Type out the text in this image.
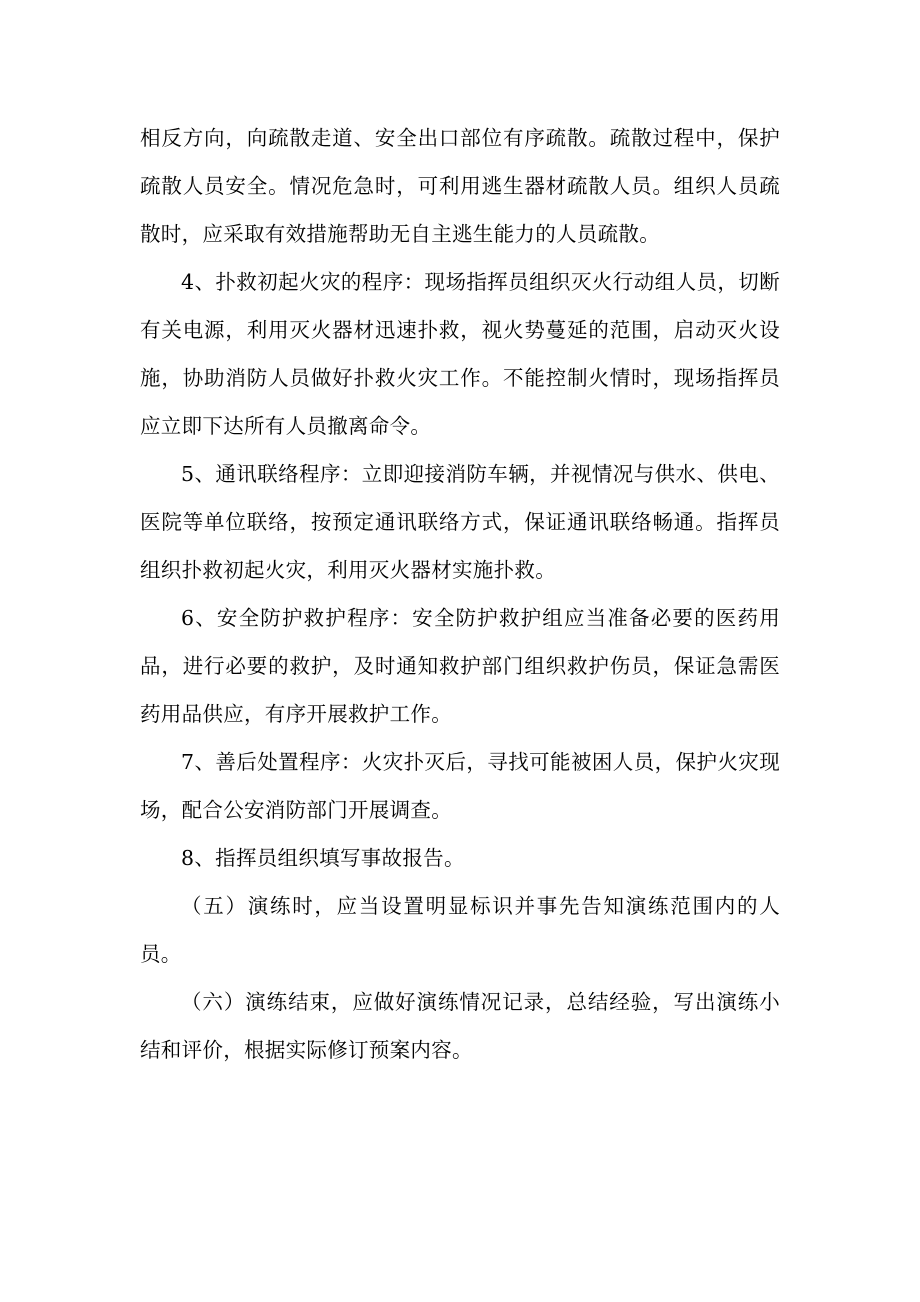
相反方向，向疏散走道、安全出口部位有序疏散。疏散过程中，保护疏散人员安全。情况危急时，可利用逃生器材疏散人员。组织人员疏散时，应采取有效措施帮助无自主逃生能力的人员疏散。

4、扑救初起火灾的程序：现场指挥员组织灭火行动组人员，切断有关电源，利用灭火器材迅速扑救，视火势蔓延的范围，启动灭火设施，协助消防人员做好扑救火灾工作。不能控制火情时，现场指挥员应立即下达所有人员撤离命令。

5、通讯联络程序：立即迎接消防车辆，并视情况与供水、供电、医院等单位联络，按预定通讯联络方式，保证通讯联络畅通。指挥员组织扑救初起火灾，利用灭火器材实施扑救。

6、安全防护救护程序：安全防护救护组应当准备必要的医药用品，进行必要的救护，及时通知救护部门组织救护伤员，保证急需医药用品供应，有序开展救护工作。

7、善后处置程序：火灾扑灭后，寻找可能被困人员，保护火灾现场，配合公安消防部门开展调查。

8、指挥员组织填写事故报告。

（五）演练时，应当设置明显标识并事先告知演练范围内的人员。

（六）演练结束，应做好演练情况记录，总结经验，写出演练小结和评价，根据实际修订预案内容。
